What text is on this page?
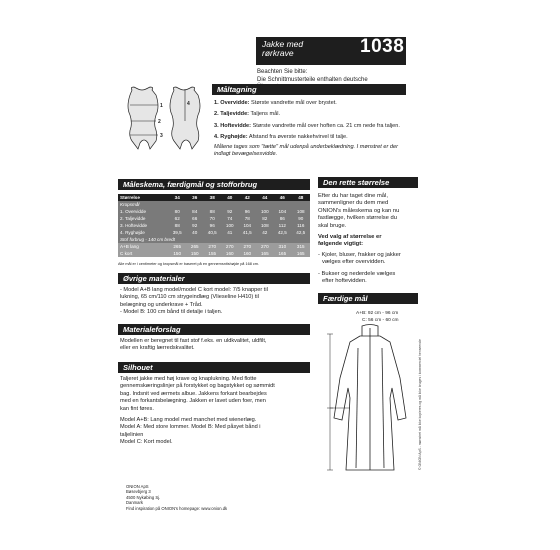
Jakke med
rørkrave	1038
Beachten Sie bitte:
Die Schnittmusterteile enthalten deutsche
1
2
3
4
Måltagning
1. Overvidde: Største vandrette mål over brystet.
2. Taljevidde: Taljens mål.
3. Hoftevidde: Største vandrette mål over hoften ca. 21 cm nede fra taljen.
4. Ryghøjde: Afstand fra øverste nakkehvirvel til talje.
Målene tages som "tætte" mål udenpå underbeklædning. I mønstret er der
indlagt bevægelsesvidde.
Måleskema, færdigmål og stofforbrug
Størrelse	34	36	38	40	42	44	46	48
Kropsmål								
1. Overvidde	80	84	88	92	96	100	104	108
2. Taljevidde	62	66	70	74	78	82	86	90
3. Hoftevidde	88	92	96	100	104	108	112	116
4. Ryghøjde	39,5	40	40,5	41	41,5	42	42,5	42,5
Stof forbrug - 140 cm bredt								
A+B lang	265	265	270	270	270	270	310	315
C kort	150	150	155	160	160	165	165	165
Alle mål er i centimeter og kropsmål er baseret på en gennemsnitshøjde på 168 cm.
Øvrige materialer
- Model A+B lang model/model C kort model: 7/5 knapper til
lukning, 65 cm/110 cm strygeindlæg (Vlieseline H410) til
belægning og underkrave + Tråd.
- Model B: 100 cm bånd til detalje i taljen.
Materialeforslag
Modellen er beregnet til fast stof f.eks. en uldkvalitet, uldfilt,
eller en kraftig lærredskvalitet.
Silhouet
Taljeret jakke med høj krave og knaplukning. Med flotte
gennemskæringslinjer på forstykket og bagstykket og sømmidt
bag. Indsnit ved ærmets albue. Jakkens forkant bearbejdes
med en forkantsbelægning. Jakken er lavet uden foer, men
kan fint føres.
Model A+B: Lang model med manchet med wienerlæg.
Model A: Med store lommer. Model B: Med påsyet bånd i
taljelinien
Model C: Kort model.
Den rette størrelse
Efter du har taget dine mål,
sammenligner du dem med
ONION's måleskema og kan nu
fastlægge, hvilken størrelse du
skal bruge.
Ved valg af størrelse er
følgende vigtigt:
- Kjoler, bluser, frakker og jakker
vælges efter overvidden.
- Bukser og nederdele vælges
efter hoftevidden.
Færdige mål
A+B: 92 cm - 96 cm
C: 56 cm - 60 cm
© ONION ApS - mønstret må ikke kopieres og må ikke bruges i kommerciel henseende
ONION ApS
Bøsevbjerg 3
4500 Nykøbing Sj.
Danmark
Find inspiration på ONION's homepage: www.onion.dk
